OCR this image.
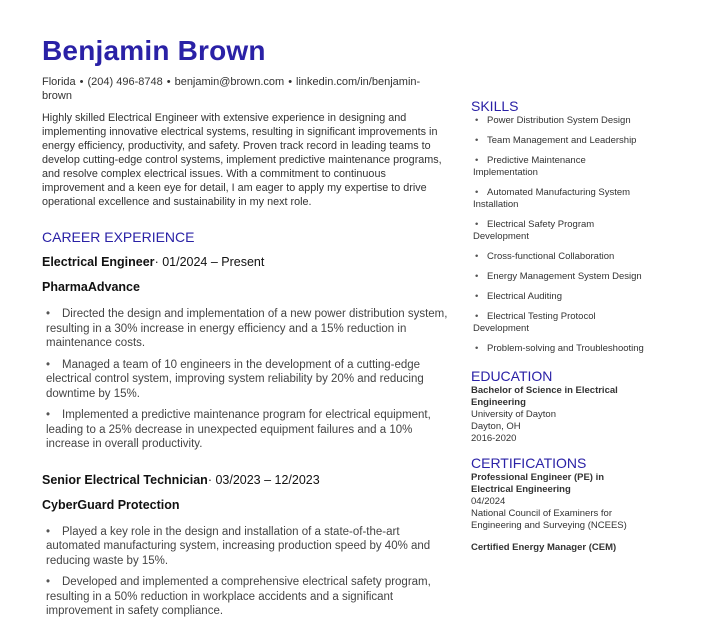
Benjamin Brown
Florida • (204) 496-8748 • benjamin@brown.com • linkedin.com/in/benjamin-brown
Highly skilled Electrical Engineer with extensive experience in designing and implementing innovative electrical systems, resulting in significant improvements in energy efficiency, productivity, and safety. Proven track record in leading teams to develop cutting-edge control systems, implement predictive maintenance programs, and resolve complex electrical issues. With a commitment to continuous improvement and a keen eye for detail, I am eager to apply my expertise to drive operational excellence and sustainability in my next role.
CAREER EXPERIENCE
Electrical Engineer· 01/2024 – Present
PharmaAdvance
• Directed the design and implementation of a new power distribution system, resulting in a 30% increase in energy efficiency and a 15% reduction in maintenance costs.
• Managed a team of 10 engineers in the development of a cutting-edge electrical control system, improving system reliability by 20% and reducing downtime by 15%.
• Implemented a predictive maintenance program for electrical equipment, leading to a 25% decrease in unexpected equipment failures and a 10% increase in overall productivity.
Senior Electrical Technician· 03/2023 – 12/2023
CyberGuard Protection
• Played a key role in the design and installation of a state-of-the-art automated manufacturing system, increasing production speed by 40% and reducing waste by 15%.
• Developed and implemented a comprehensive electrical safety program, resulting in a 50% reduction in workplace accidents and a significant improvement in safety compliance.
SKILLS
• Power Distribution System Design
• Team Management and Leadership
• Predictive Maintenance Implementation
• Automated Manufacturing System Installation
• Electrical Safety Program Development
• Cross-functional Collaboration
• Energy Management System Design
• Electrical Auditing
• Electrical Testing Protocol Development
• Problem-solving and Troubleshooting
EDUCATION
Bachelor of Science in Electrical Engineering
University of Dayton
Dayton, OH
2016-2020
CERTIFICATIONS
Professional Engineer (PE) in Electrical Engineering
04/2024
National Council of Examiners for Engineering and Surveying (NCEES)
Certified Energy Manager (CEM)
